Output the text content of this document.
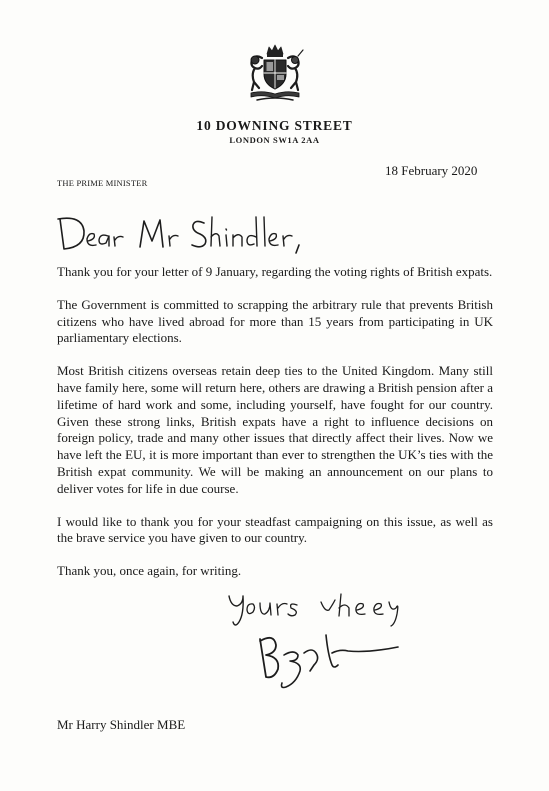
10 DOWNING STREET
LONDON SW1A 2AA
18 February 2020
THE PRIME MINISTER

Thank you for your letter of 9 January, regarding the voting rights of British expats.

The Government is committed to scrapping the arbitrary rule that prevents British citizens who have lived abroad for more than 15 years from participating in UK parliamentary elections.

Most British citizens overseas retain deep ties to the United Kingdom. Many still have family here, some will return here, others are drawing a British pension after a lifetime of hard work and some, including yourself, have fought for our country. Given these strong links, British expats have a right to influence decisions on foreign policy, trade and many other issues that directly affect their lives. Now we have left the EU, it is more important than ever to strengthen the UK’s ties with the British expat community. We will be making an announcement on our plans to deliver votes for life in due course.

I would like to thank you for your steadfast campaigning on this issue, as well as the brave service you have given to our country.

Thank you, once again, for writing.

Mr Harry Shindler MBE
